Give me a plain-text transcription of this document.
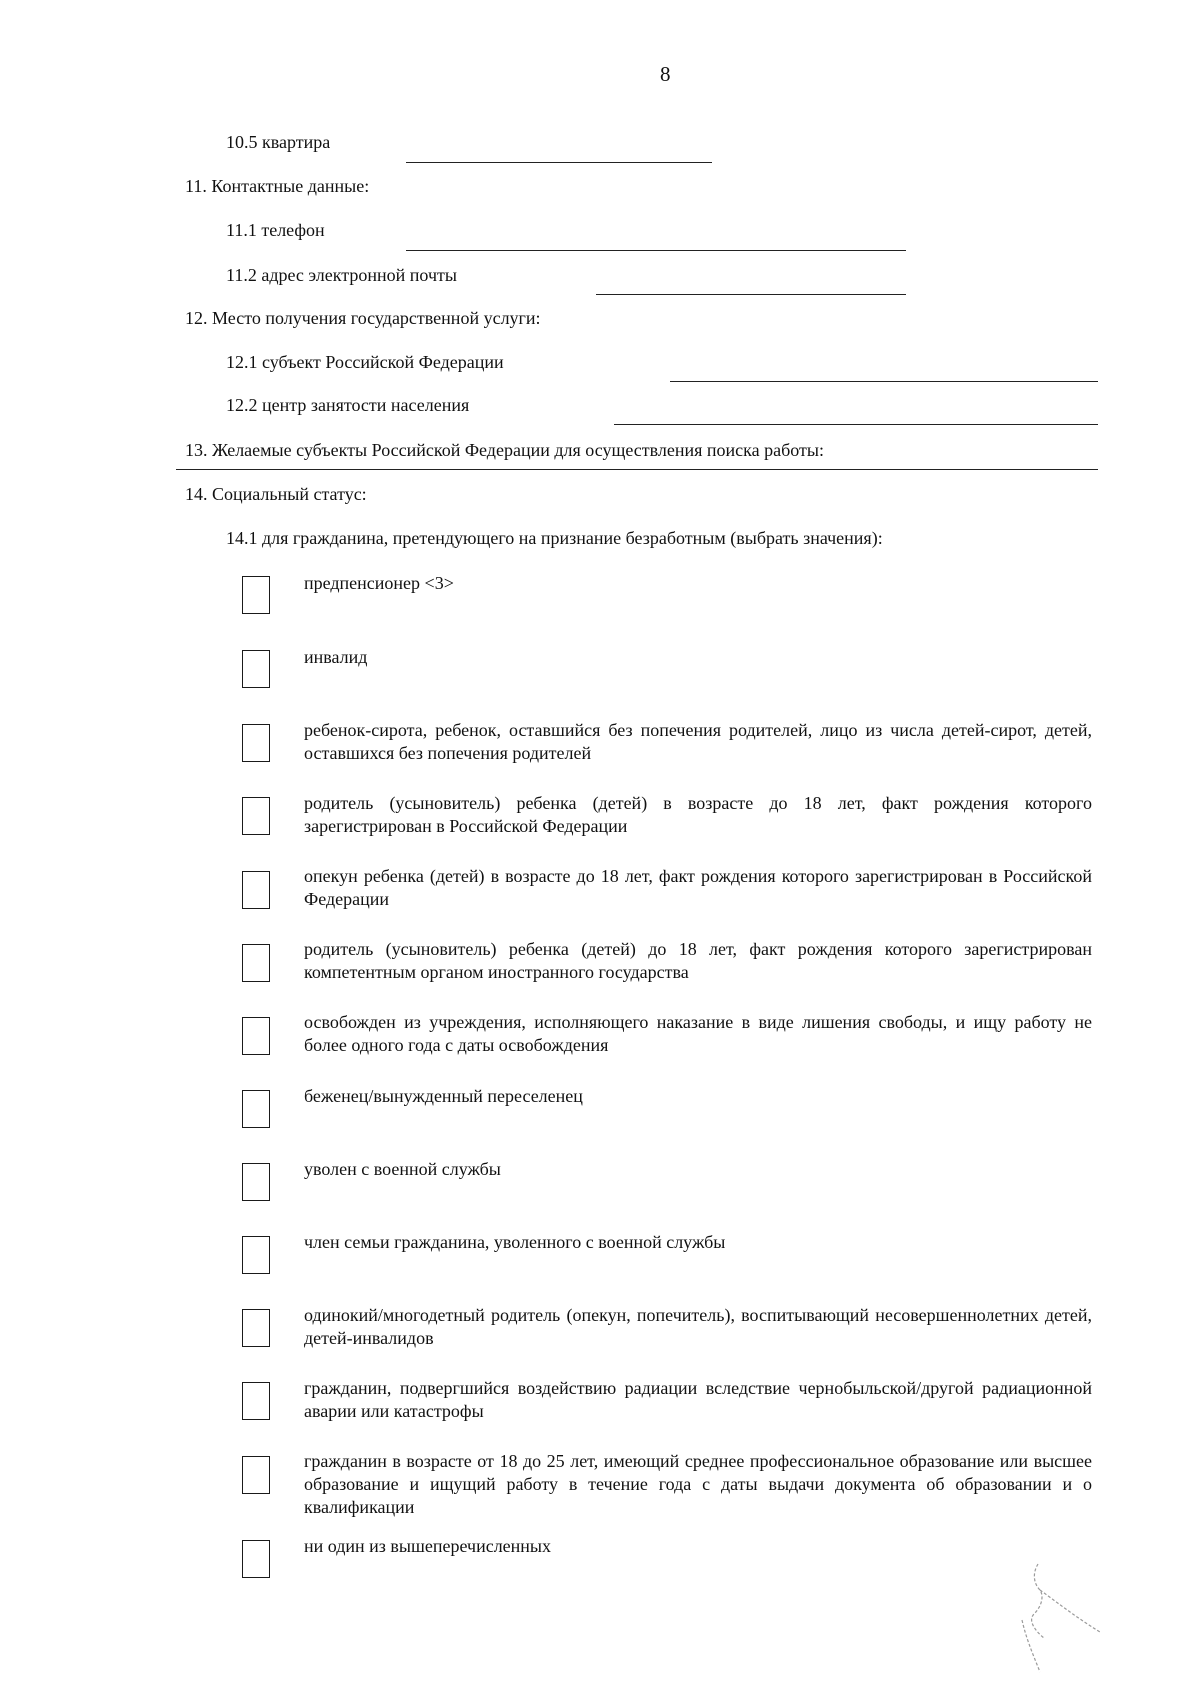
8
10.5 квартира
11. Контактные данные:
11.1 телефон
11.2 адрес электронной почты
12. Место получения государственной услуги:
12.1 субъект Российской Федерации
12.2 центр занятости населения
13. Желаемые субъекты Российской Федерации для осуществления поиска работы:
14. Социальный статус:
14.1 для гражданина, претендующего на признание безработным (выбрать значения):
предпенсионер <3>
инвалид
ребенок-сирота, ребенок, оставшийся без попечения родителей, лицо из числа детей-сирот, детей, оставшихся без попечения родителей
родитель (усыновитель) ребенка (детей) в возрасте до 18 лет, факт рождения которого зарегистрирован в Российской Федерации
опекун ребенка (детей) в возрасте до 18 лет, факт рождения которого зарегистрирован в Российской Федерации
родитель (усыновитель) ребенка (детей) до 18 лет, факт рождения которого зарегистрирован компетентным органом иностранного государства
освобожден из учреждения, исполняющего наказание в виде лишения свободы, и ищу работу не более одного года с даты освобождения
беженец/вынужденный переселенец
уволен с военной службы
член семьи гражданина, уволенного с военной службы
одинокий/многодетный родитель (опекун, попечитель), воспитывающий несовершеннолетних детей, детей-инвалидов
гражданин, подвергшийся воздействию радиации вследствие чернобыльской/другой радиационной аварии или катастрофы
гражданин в возрасте от 18 до 25 лет, имеющий среднее профессиональное образование или высшее образование и ищущий работу в течение года с даты выдачи документа об образовании и о квалификации
ни один из вышеперечисленных
